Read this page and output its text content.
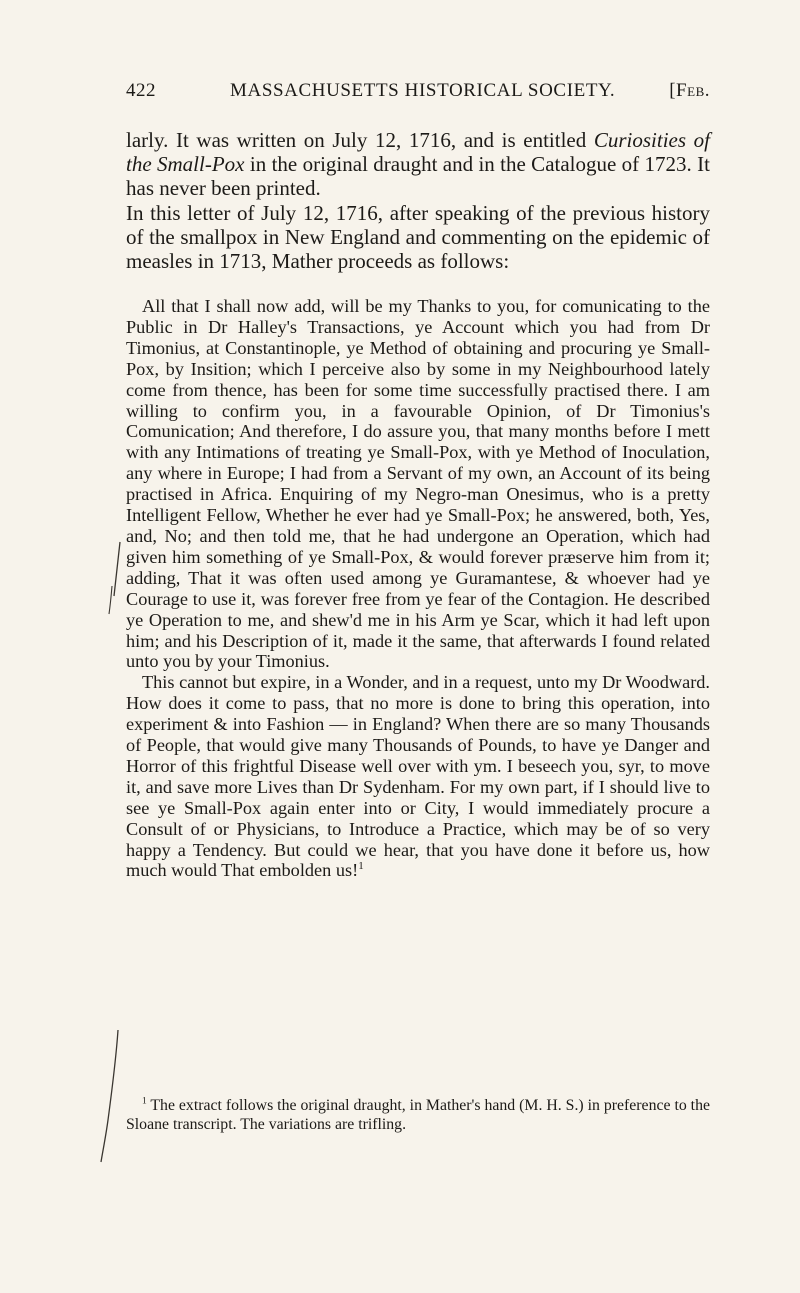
422	MASSACHUSETTS HISTORICAL SOCIETY.	[Feb.

larly. It was written on July 12, 1716, and is entitled Curiosities of the Small-Pox in the original draught and in the Catalogue of 1723. It has never been printed.

In this letter of July 12, 1716, after speaking of the previous history of the smallpox in New England and commenting on the epidemic of measles in 1713, Mather proceeds as follows:

All that I shall now add, will be my Thanks to you, for comunicating to the Public in Dr Halley's Transactions, ye Account which you had from Dr Timonius, at Constantinople, ye Method of obtaining and procuring ye Small-Pox, by Insition; which I perceive also by some in my Neighbourhood lately come from thence, has been for some time successfully practised there. I am willing to confirm you, in a favourable Opinion, of Dr Timonius's Comunication; And therefore, I do assure you, that many months before I mett with any Intimations of treating ye Small-Pox, with ye Method of Inoculation, any where in Europe; I had from a Servant of my own, an Account of its being practised in Africa. Enquiring of my Negro-man Onesimus, who is a pretty Intelligent Fellow, Whether he ever had ye Small-Pox; he answered, both, Yes, and, No; and then told me, that he had undergone an Operation, which had given him something of ye Small-Pox, & would forever præserve him from it; adding, That it was often used among ye Guramantese, & whoever had ye Courage to use it, was forever free from ye fear of the Contagion. He described ye Operation to me, and shew'd me in his Arm ye Scar, which it had left upon him; and his Description of it, made it the same, that afterwards I found related unto you by your Timonius.

This cannot but expire, in a Wonder, and in a request, unto my Dr Woodward. How does it come to pass, that no more is done to bring this operation, into experiment & into Fashion — in England? When there are so many Thousands of People, that would give many Thousands of Pounds, to have ye Danger and Horror of this frightful Disease well over with ym. I beseech you, syr, to move it, and save more Lives than Dr Sydenham. For my own part, if I should live to see ye Small-Pox again enter into or City, I would immediately procure a Consult of or Physicians, to Introduce a Practice, which may be of so very happy a Tendency. But could we hear, that you have done it before us, how much would That embolden us!$^1$

$^1$ The extract follows the original draught, in Mather's hand (M. H. S.) in preference to the Sloane transcript. The variations are trifling.
